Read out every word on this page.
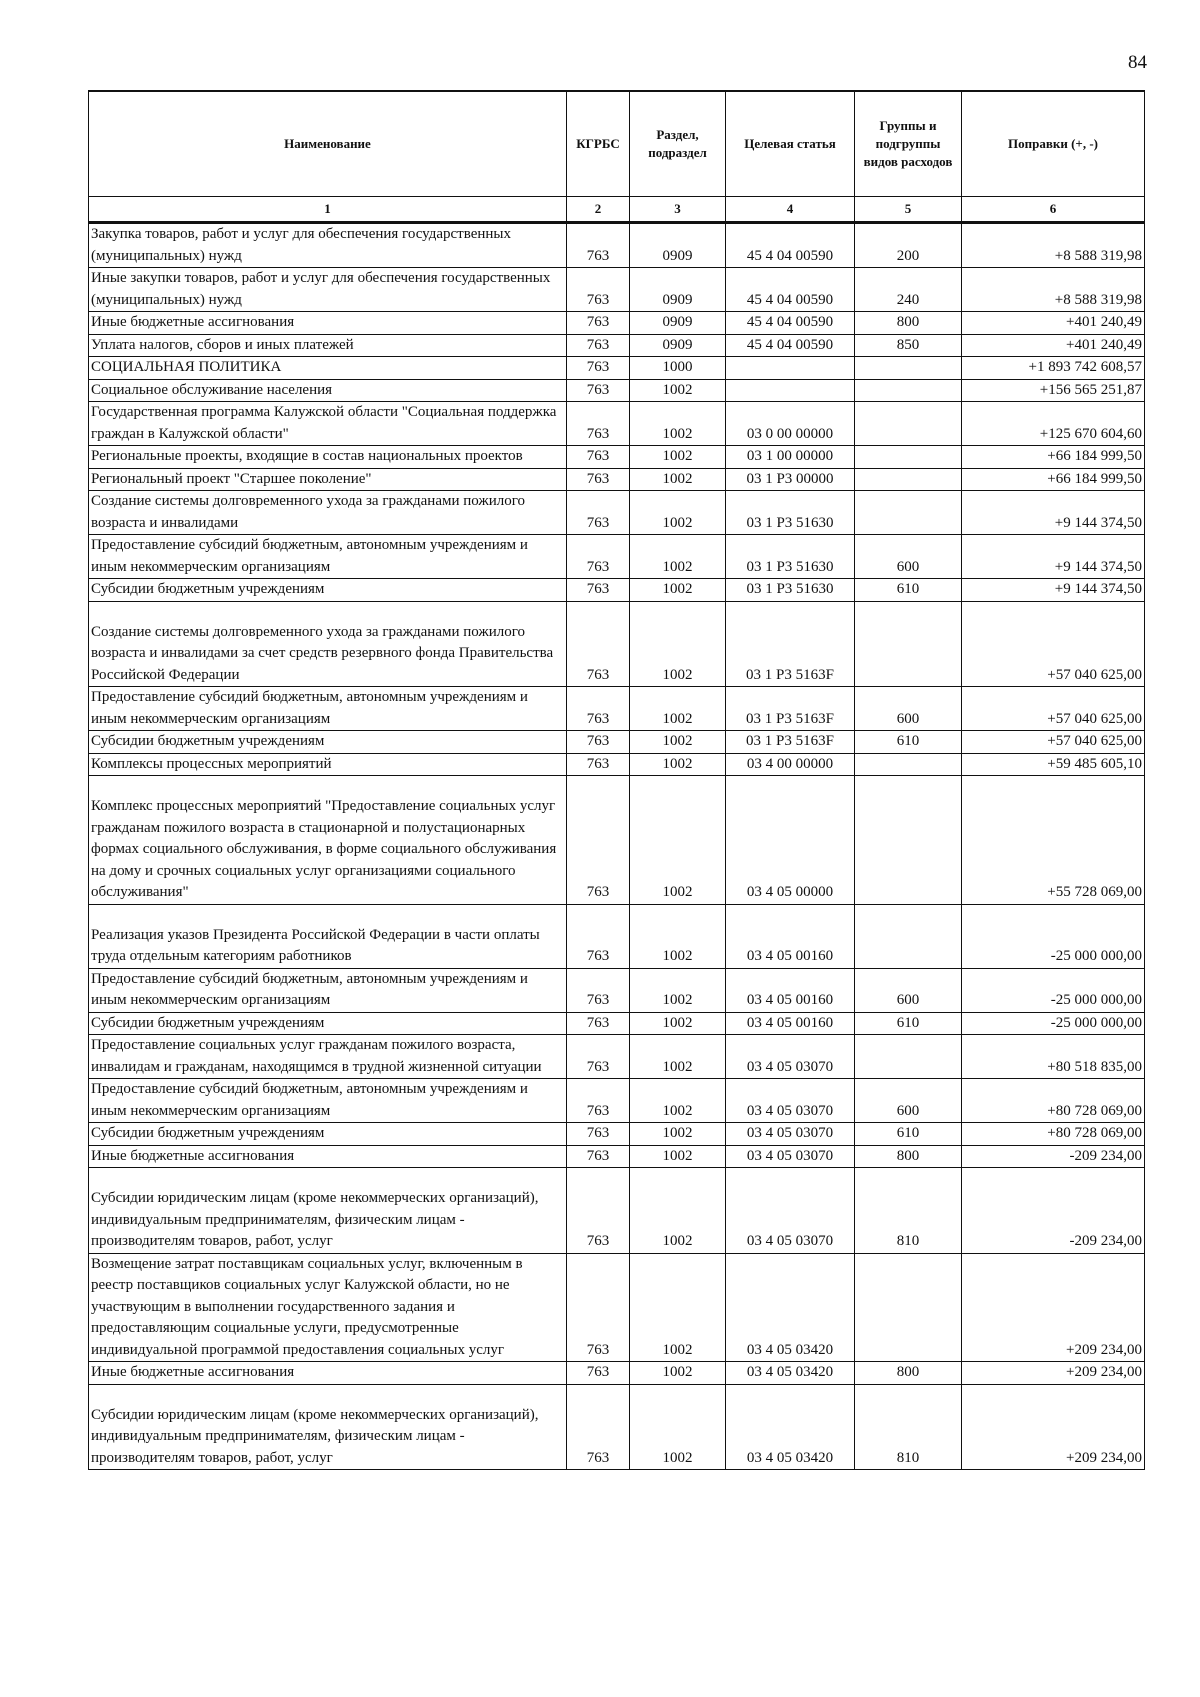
84
Наименование	КГРБС	Раздел, подраздел	Целевая статья	Группы и подгруппы видов расходов	Поправки (+, -)
1	2	3	4	5	6
Закупка товаров, работ и услуг для обеспечения государственных (муниципальных) нужд	763	0909	45 4 04 00590	200	+8 588 319,98
Иные закупки товаров, работ и услуг для обеспечения государственных (муниципальных) нужд	763	0909	45 4 04 00590	240	+8 588 319,98
Иные бюджетные ассигнования	763	0909	45 4 04 00590	800	+401 240,49
Уплата налогов, сборов и иных платежей	763	0909	45 4 04 00590	850	+401 240,49
СОЦИАЛЬНАЯ ПОЛИТИКА	763	1000			+1 893 742 608,57
Социальное обслуживание населения	763	1002			+156 565 251,87
Государственная программа Калужской области "Социальная поддержка граждан в Калужской области"	763	1002	03 0 00 00000		+125 670 604,60
Региональные проекты, входящие в состав национальных проектов	763	1002	03 1 00 00000		+66 184 999,50
Региональный проект "Старшее поколение"	763	1002	03 1 P3 00000		+66 184 999,50
Создание системы долговременного ухода за гражданами пожилого возраста и инвалидами	763	1002	03 1 P3 51630		+9 144 374,50
Предоставление субсидий бюджетным, автономным учреждениям и иным некоммерческим организациям	763	1002	03 1 P3 51630	600	+9 144 374,50
Субсидии бюджетным учреждениям	763	1002	03 1 P3 51630	610	+9 144 374,50
Создание системы долговременного ухода за гражданами пожилого возраста и инвалидами за счет средств резервного фонда Правительства Российской Федерации	763	1002	03 1 P3 5163F		+57 040 625,00
Предоставление субсидий бюджетным, автономным учреждениям и иным некоммерческим организациям	763	1002	03 1 P3 5163F	600	+57 040 625,00
Субсидии бюджетным учреждениям	763	1002	03 1 P3 5163F	610	+57 040 625,00
Комплексы процессных мероприятий	763	1002	03 4 00 00000		+59 485 605,10
Комплекс процессных мероприятий "Предоставление социальных услуг гражданам пожилого возраста в стационарной и полустационарных формах социального обслуживания, в форме социального обслуживания на дому и срочных социальных услуг организациями социального обслуживания"	763	1002	03 4 05 00000		+55 728 069,00
Реализация указов Президента Российской Федерации в части оплаты труда отдельным категориям работников	763	1002	03 4 05 00160		-25 000 000,00
Предоставление субсидий бюджетным, автономным учреждениям и иным некоммерческим организациям	763	1002	03 4 05 00160	600	-25 000 000,00
Субсидии бюджетным учреждениям	763	1002	03 4 05 00160	610	-25 000 000,00
Предоставление социальных услуг гражданам пожилого возраста, инвалидам и гражданам, находящимся в трудной жизненной ситуации	763	1002	03 4 05 03070		+80 518 835,00
Предоставление субсидий бюджетным, автономным учреждениям и иным некоммерческим организациям	763	1002	03 4 05 03070	600	+80 728 069,00
Субсидии бюджетным учреждениям	763	1002	03 4 05 03070	610	+80 728 069,00
Иные бюджетные ассигнования	763	1002	03 4 05 03070	800	-209 234,00
Субсидии юридическим лицам (кроме некоммерческих организаций), индивидуальным предпринимателям, физическим лицам - производителям товаров, работ, услуг	763	1002	03 4 05 03070	810	-209 234,00
Возмещение затрат поставщикам социальных услуг, включенным в реестр поставщиков социальных услуг Калужской области, но не участвующим в выполнении государственного задания и предоставляющим социальные услуги, предусмотренные индивидуальной программой предоставления социальных услуг	763	1002	03 4 05 03420		+209 234,00
Иные бюджетные ассигнования	763	1002	03 4 05 03420	800	+209 234,00
Субсидии юридическим лицам (кроме некоммерческих организаций), индивидуальным предпринимателям, физическим лицам - производителям товаров, работ, услуг	763	1002	03 4 05 03420	810	+209 234,00
